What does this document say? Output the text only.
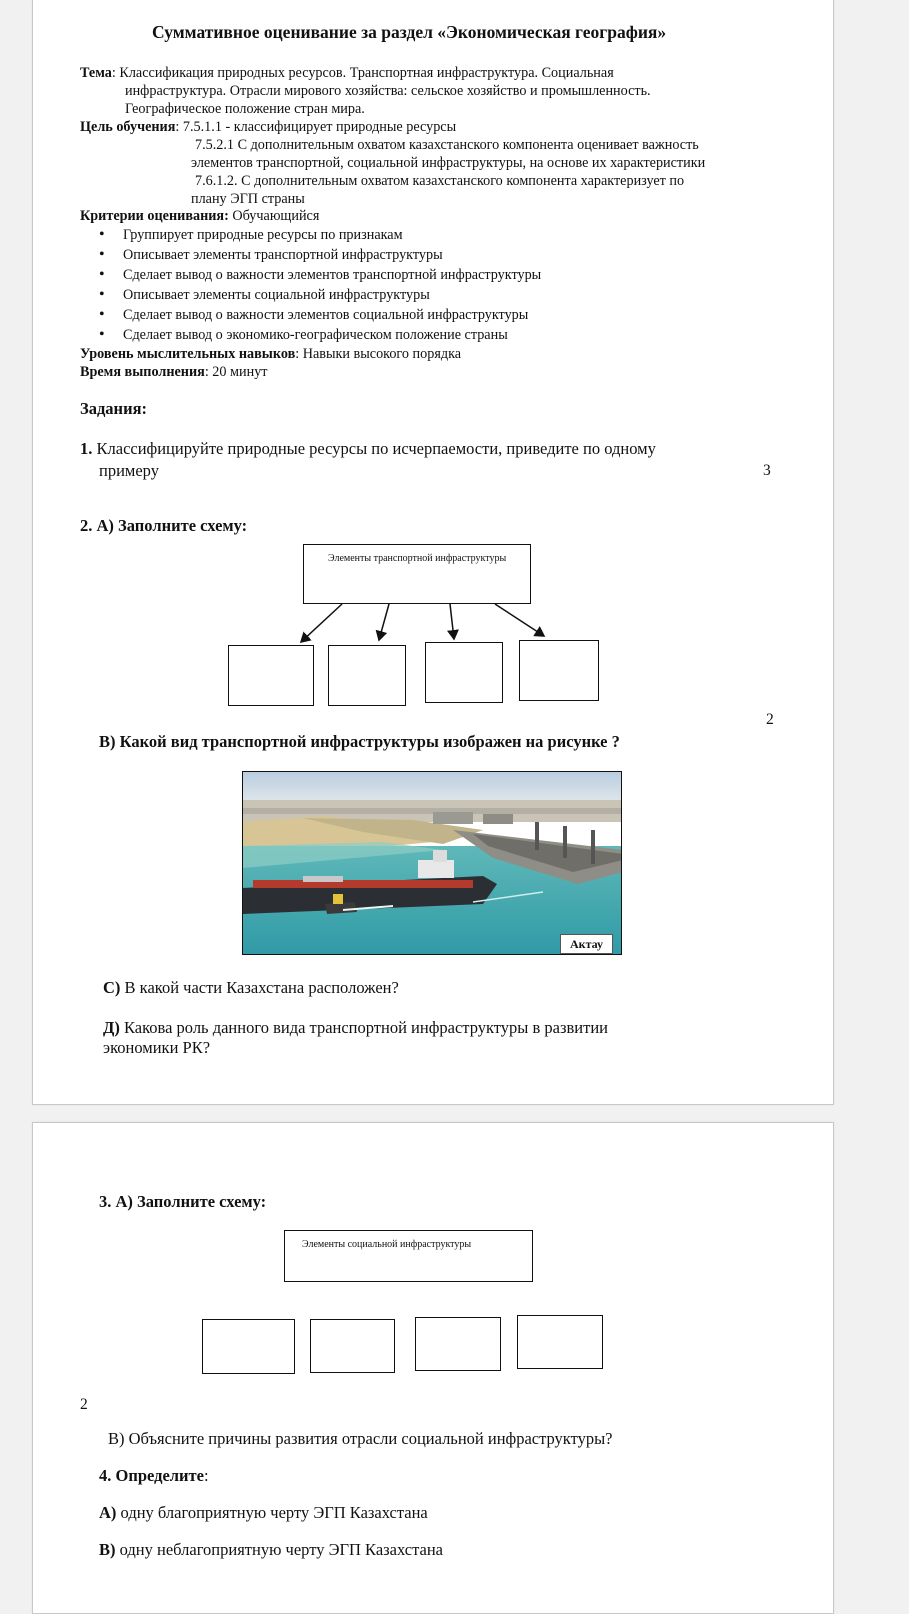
Суммативное оценивание за раздел «Экономическая география»
Тема: Классификация природных ресурсов. Транспортная инфраструктура. Социальная
инфраструктура. Отрасли мирового хозяйства: сельское хозяйство и промышленность.
Географическое положение стран мира.
Цель обучения: 7.5.1.1 - классифицирует природные ресурсы
7.5.2.1 С дополнительным охватом казахстанского компонента оценивает важность
элементов транспортной, социальной инфраструктуры, на основе их характеристики
7.6.1.2. С дополнительным охватом казахстанского компонента характеризует по
плану ЭГП страны
Критерии оценивания: Обучающийся
• Группирует природные ресурсы по признакам
• Описывает элементы транспортной инфраструктуры
• Сделает вывод о важности элементов транспортной инфраструктуры
• Описывает элементы социальной инфраструктуры
• Сделает вывод о важности элементов социальной инфраструктуры
• Сделает вывод о экономико-географическом положение страны
Уровень мыслительных навыков: Навыки высокого порядка
Время выполнения: 20 минут
Задания:
1. Классифицируйте природные ресурсы по исчерпаемости, приведите по одному
примеру	3
2. А) Заполните схему:
Элементы транспортной инфраструктуры
2
В) Какой вид транспортной инфраструктуры изображен на рисунке ?
Актау
С) В какой части Казахстана расположен?
Д) Какова роль данного вида транспортной инфраструктуры в развитии
экономики РК?
3. А) Заполните схему:
Элементы социальной инфраструктуры
2
В) Объясните причины развития отрасли социальной инфраструктуры?
4. Определите:
А) одну благоприятную черту ЭГП Казахстана
В) одну неблагоприятную черту ЭГП Казахстана
